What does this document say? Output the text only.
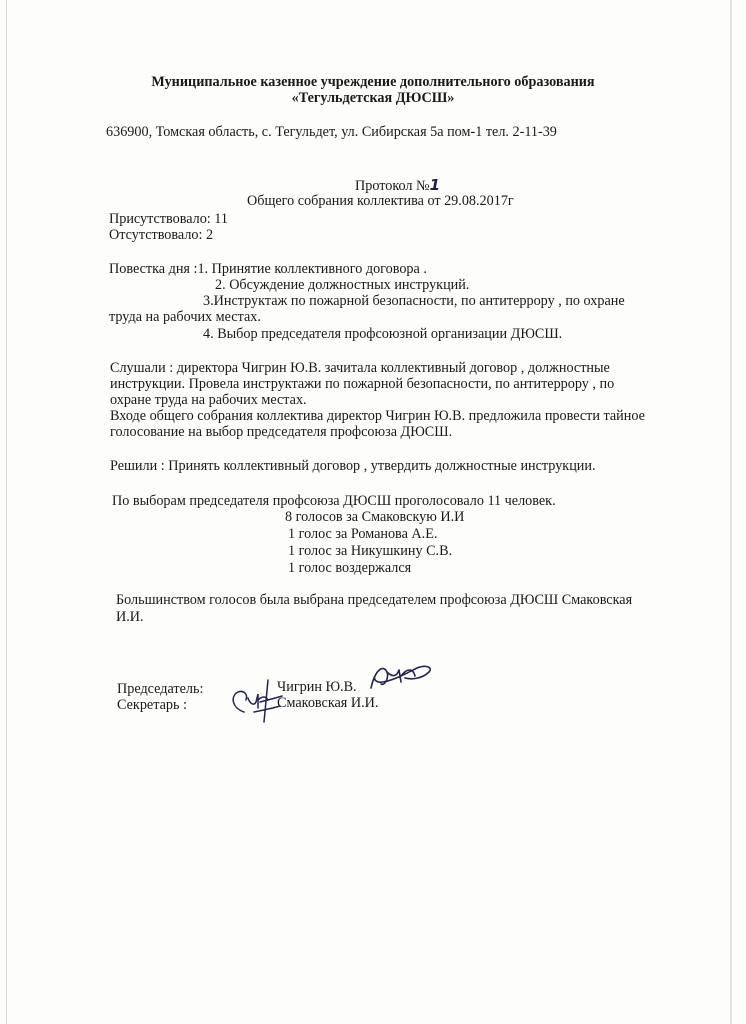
Муниципальное казенное учреждение дополнительного образования
«Тегульдетская ДЮСШ»
636900, Томская область, с. Тегульдет, ул. Сибирская 5а пом-1 тел. 2-11-39
Протокол №1
Общего собрания коллектива от 29.08.2017г
Присутствовало: 11
Отсутствовало: 2
Повестка дня :1. Принятие коллективного договора .
2. Обсуждение должностных инструкций.
3.Инструктаж по пожарной безопасности, по антитеррору , по охране
труда на рабочих местах.
4. Выбор председателя профсоюзной организации ДЮСШ.
Слушали : директора Чигрин Ю.В. зачитала коллективный договор , должностные
инструкции. Провела инструктажи по пожарной безопасности, по антитеррору , по
охране труда на рабочих местах.
Входе общего собрания коллектива директор Чигрин Ю.В. предложила провести тайное
голосование на выбор председателя профсоюза ДЮСШ.
Решили : Принять коллективный договор , утвердить должностные инструкции.
По выборам председателя профсоюза ДЮСШ проголосовало 11 человек.
8 голосов за Смаковскую И.И
1 голос за Романова А.Е.
1 голос за Никушкину С.В.
1 голос воздержался
Большинством голосов была выбрана председателем профсоюза ДЮСШ Смаковская
И.И.
Председатель:	Чигрин Ю.В.
Секретарь :	Смаковская И.И.
